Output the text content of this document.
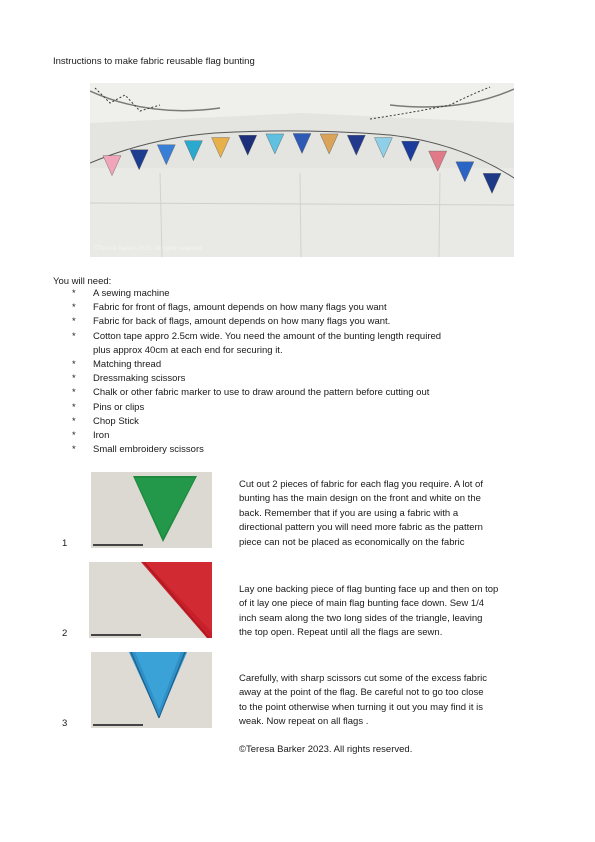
Instructions to make fabric reusable flag bunting
©Teresa Barker 2023. All rights reserved
You will need:
* A sewing machine
* Fabric for front of flags, amount depends on how many flags you want
* Fabric for back of flags, amount depends on how many flags you want.
* Cotton tape appro 2.5cm wide. You need the amount of the bunting length required
plus approx 40cm at each end for securing it.
* Matching thread
* Dressmaking scissors
* Chalk or other fabric marker to use to draw around the pattern before cutting out
* Pins or clips
* Chop Stick
* Iron
* Small embroidery scissors
1
Cut out 2 pieces of fabric for each flag you require. A lot of
bunting has the main design on the front and white on the
back. Remember that if you are using a fabric with a
directional pattern you will need more fabric as the pattern
piece can not be placed as economically on the fabric
2
Lay one backing piece of flag bunting face up and then on top
of it lay one piece of main flag bunting face down. Sew 1/4
inch seam along the two long sides of the triangle, leaving
the top open. Repeat until all the flags are sewn.
3
Carefully, with sharp scissors cut some of the excess fabric
away at the point of the flag. Be careful not to go too close
to the point otherwise when turning it out you may find it is
weak. Now repeat on all flags .
©Teresa Barker 2023. All rights reserved.
